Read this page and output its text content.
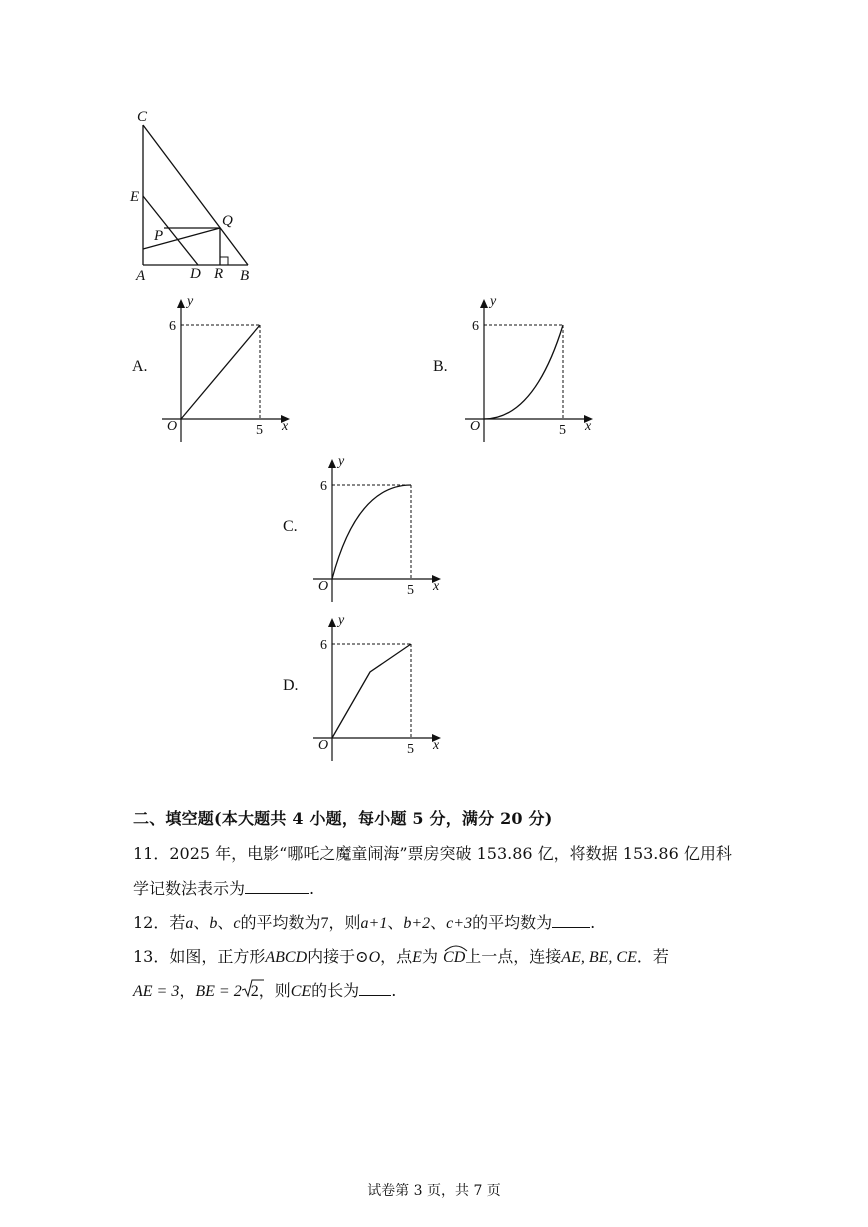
C
E
Q
P
A	D R B
A.	B.
C.
D.
y
x
O	5
6
y
x
O	5
6
y
x
O	5
6
y
x
O	5
6
二、填空题(本大题共 4 小题，每小题 5 分，满分 20 分)
11．2025 年，电影“哪吒之魔童闹海”票房突破 153.86 亿，将数据 153.86 亿用科
学记数法表示为	.
12．若a、b、c的平均数为7，则a+1、b+2、c+3的平均数为 .
13．如图，正方形ABCD内接于⊙O，点E为 CD上一点，连接AE, BE, CE．若
AE = 3，BE = 2 2，则CE的长为 .
试卷第 3 页，共 7 页
